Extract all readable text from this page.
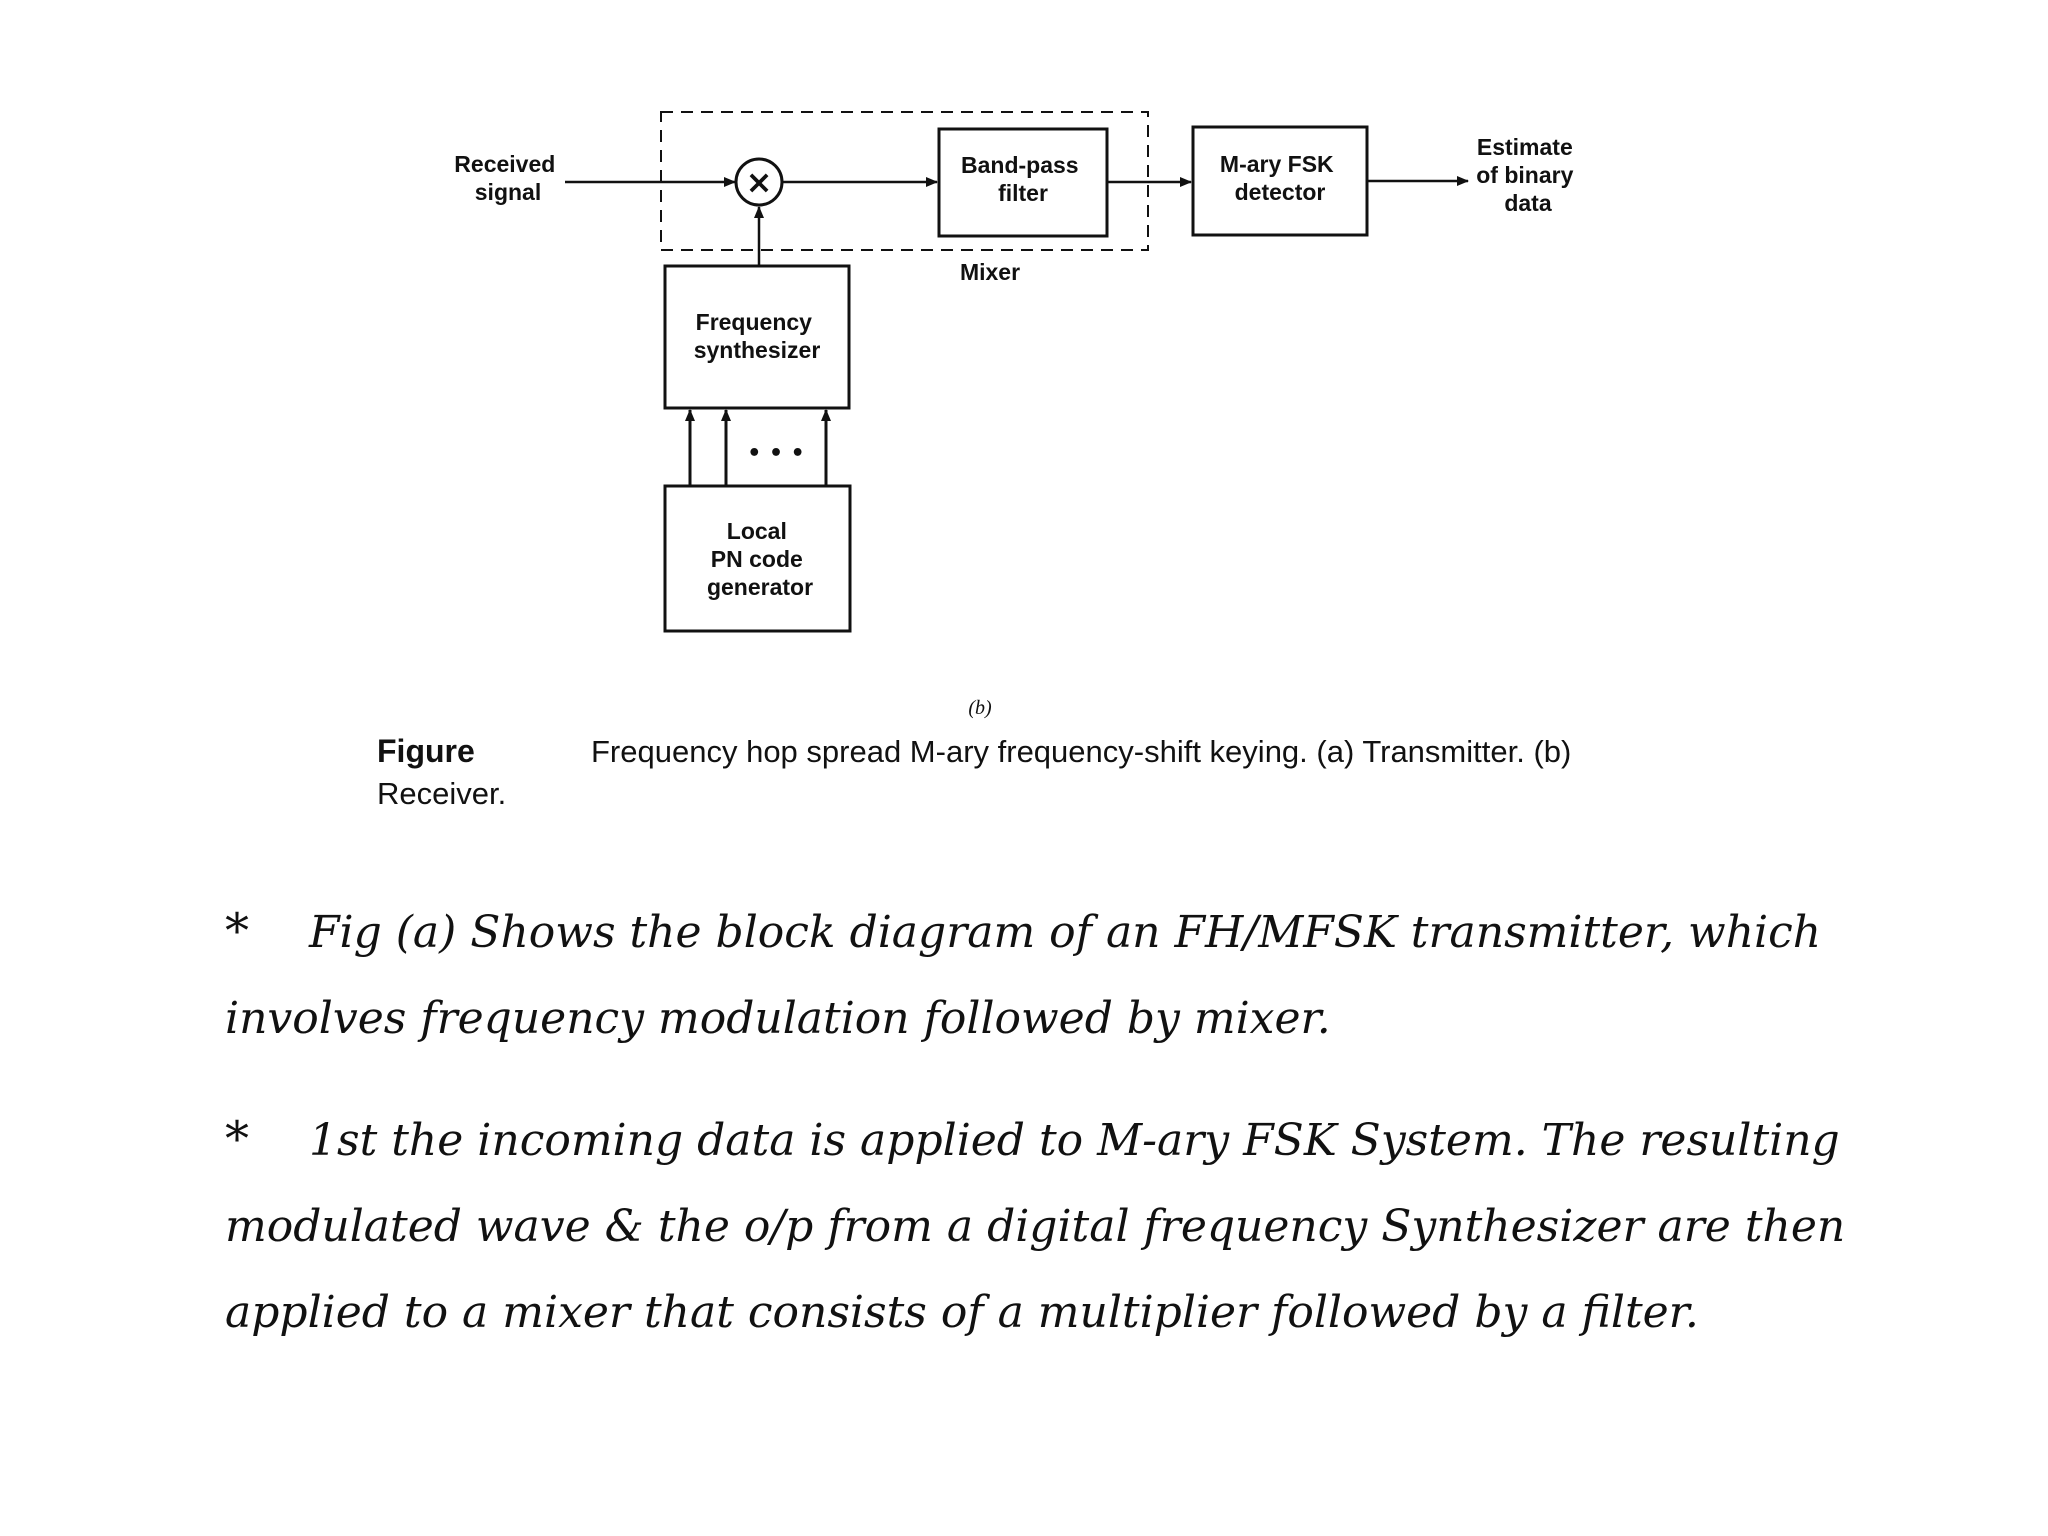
Received signal
Mixer
×	Band-pass filter
M-ary FSK detector
Estimate of binary data
Frequency synthesizer
Local PN code generator
• • •
(b)
Figure	Frequency hop spread M-ary frequency-shift keying. (a) Transmitter. (b) Receiver.
* Fig (a) Shows the block diagram of an FH/MFSK transmitter, which involves frequency modulation followed by mixer.
* 1st the incoming data is applied to M-ary FSK System. The resulting modulated wave & the o/p from a digital frequency Synthesizer are then applied to a mixer that consists of a multiplier followed by a filter.
